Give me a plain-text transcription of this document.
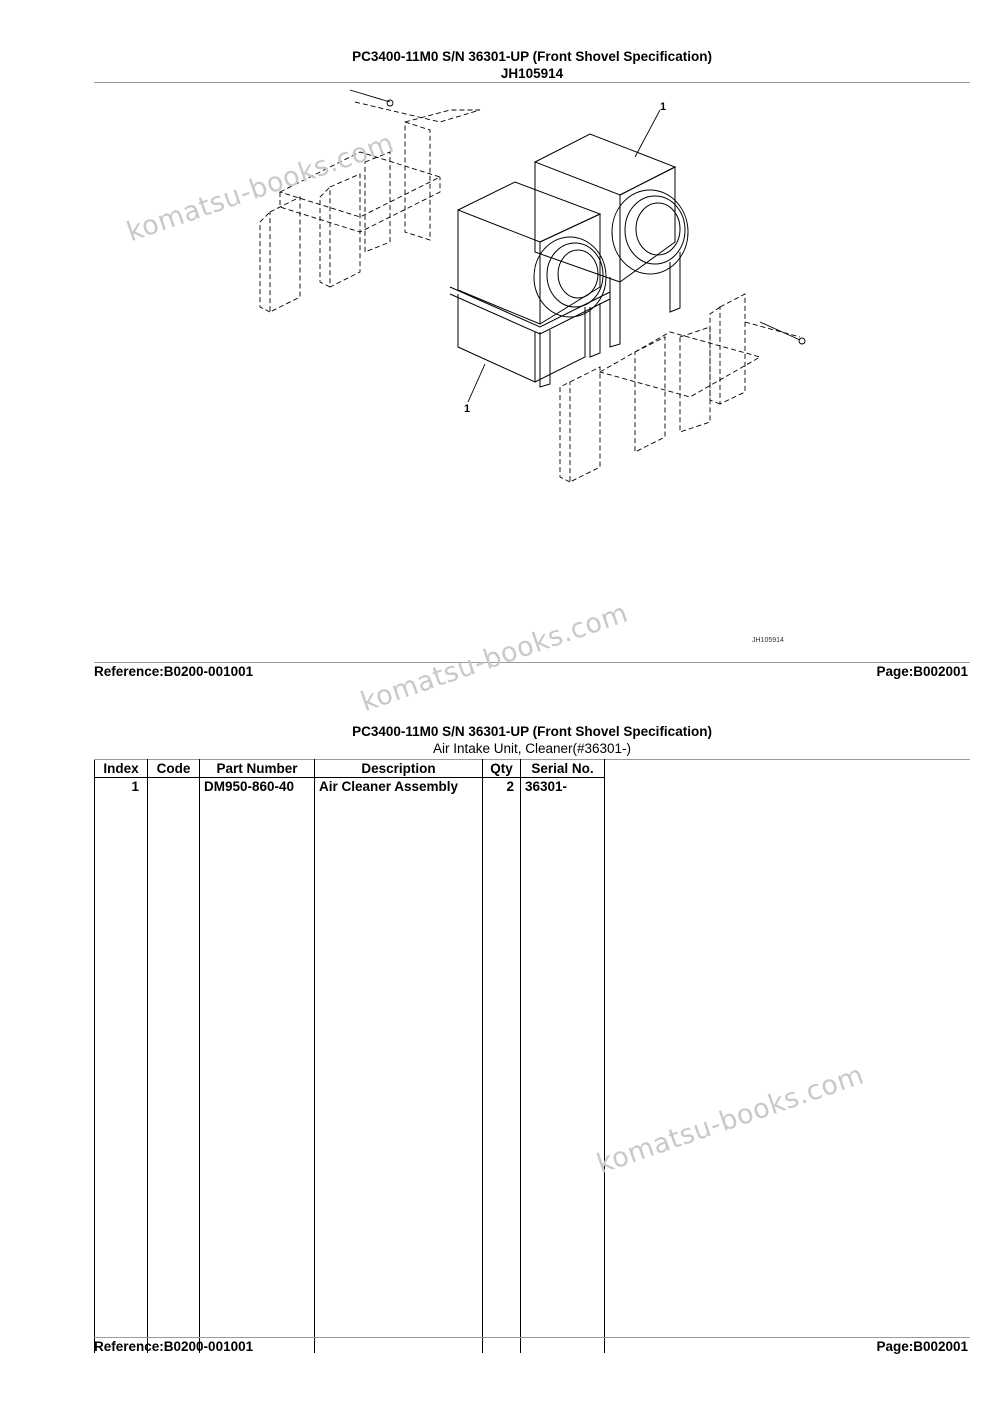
PC3400-11M0 S/N 36301-UP (Front Shovel Specification)
JH105914
1
1
JH105914
Reference:B0200-001001	Page:B002001
PC3400-11M0 S/N 36301-UP (Front Shovel Specification)
Air Intake Unit, Cleaner(#36301-)
Index	Code	Part Number	Description	Qty	Serial No.	
1		DM950-860-40	Air Cleaner Assembly	2	36301-	

Reference:B0200-001001	Page:B002001
komatsu-books.com
komatsu-books.com
komatsu-books.com
